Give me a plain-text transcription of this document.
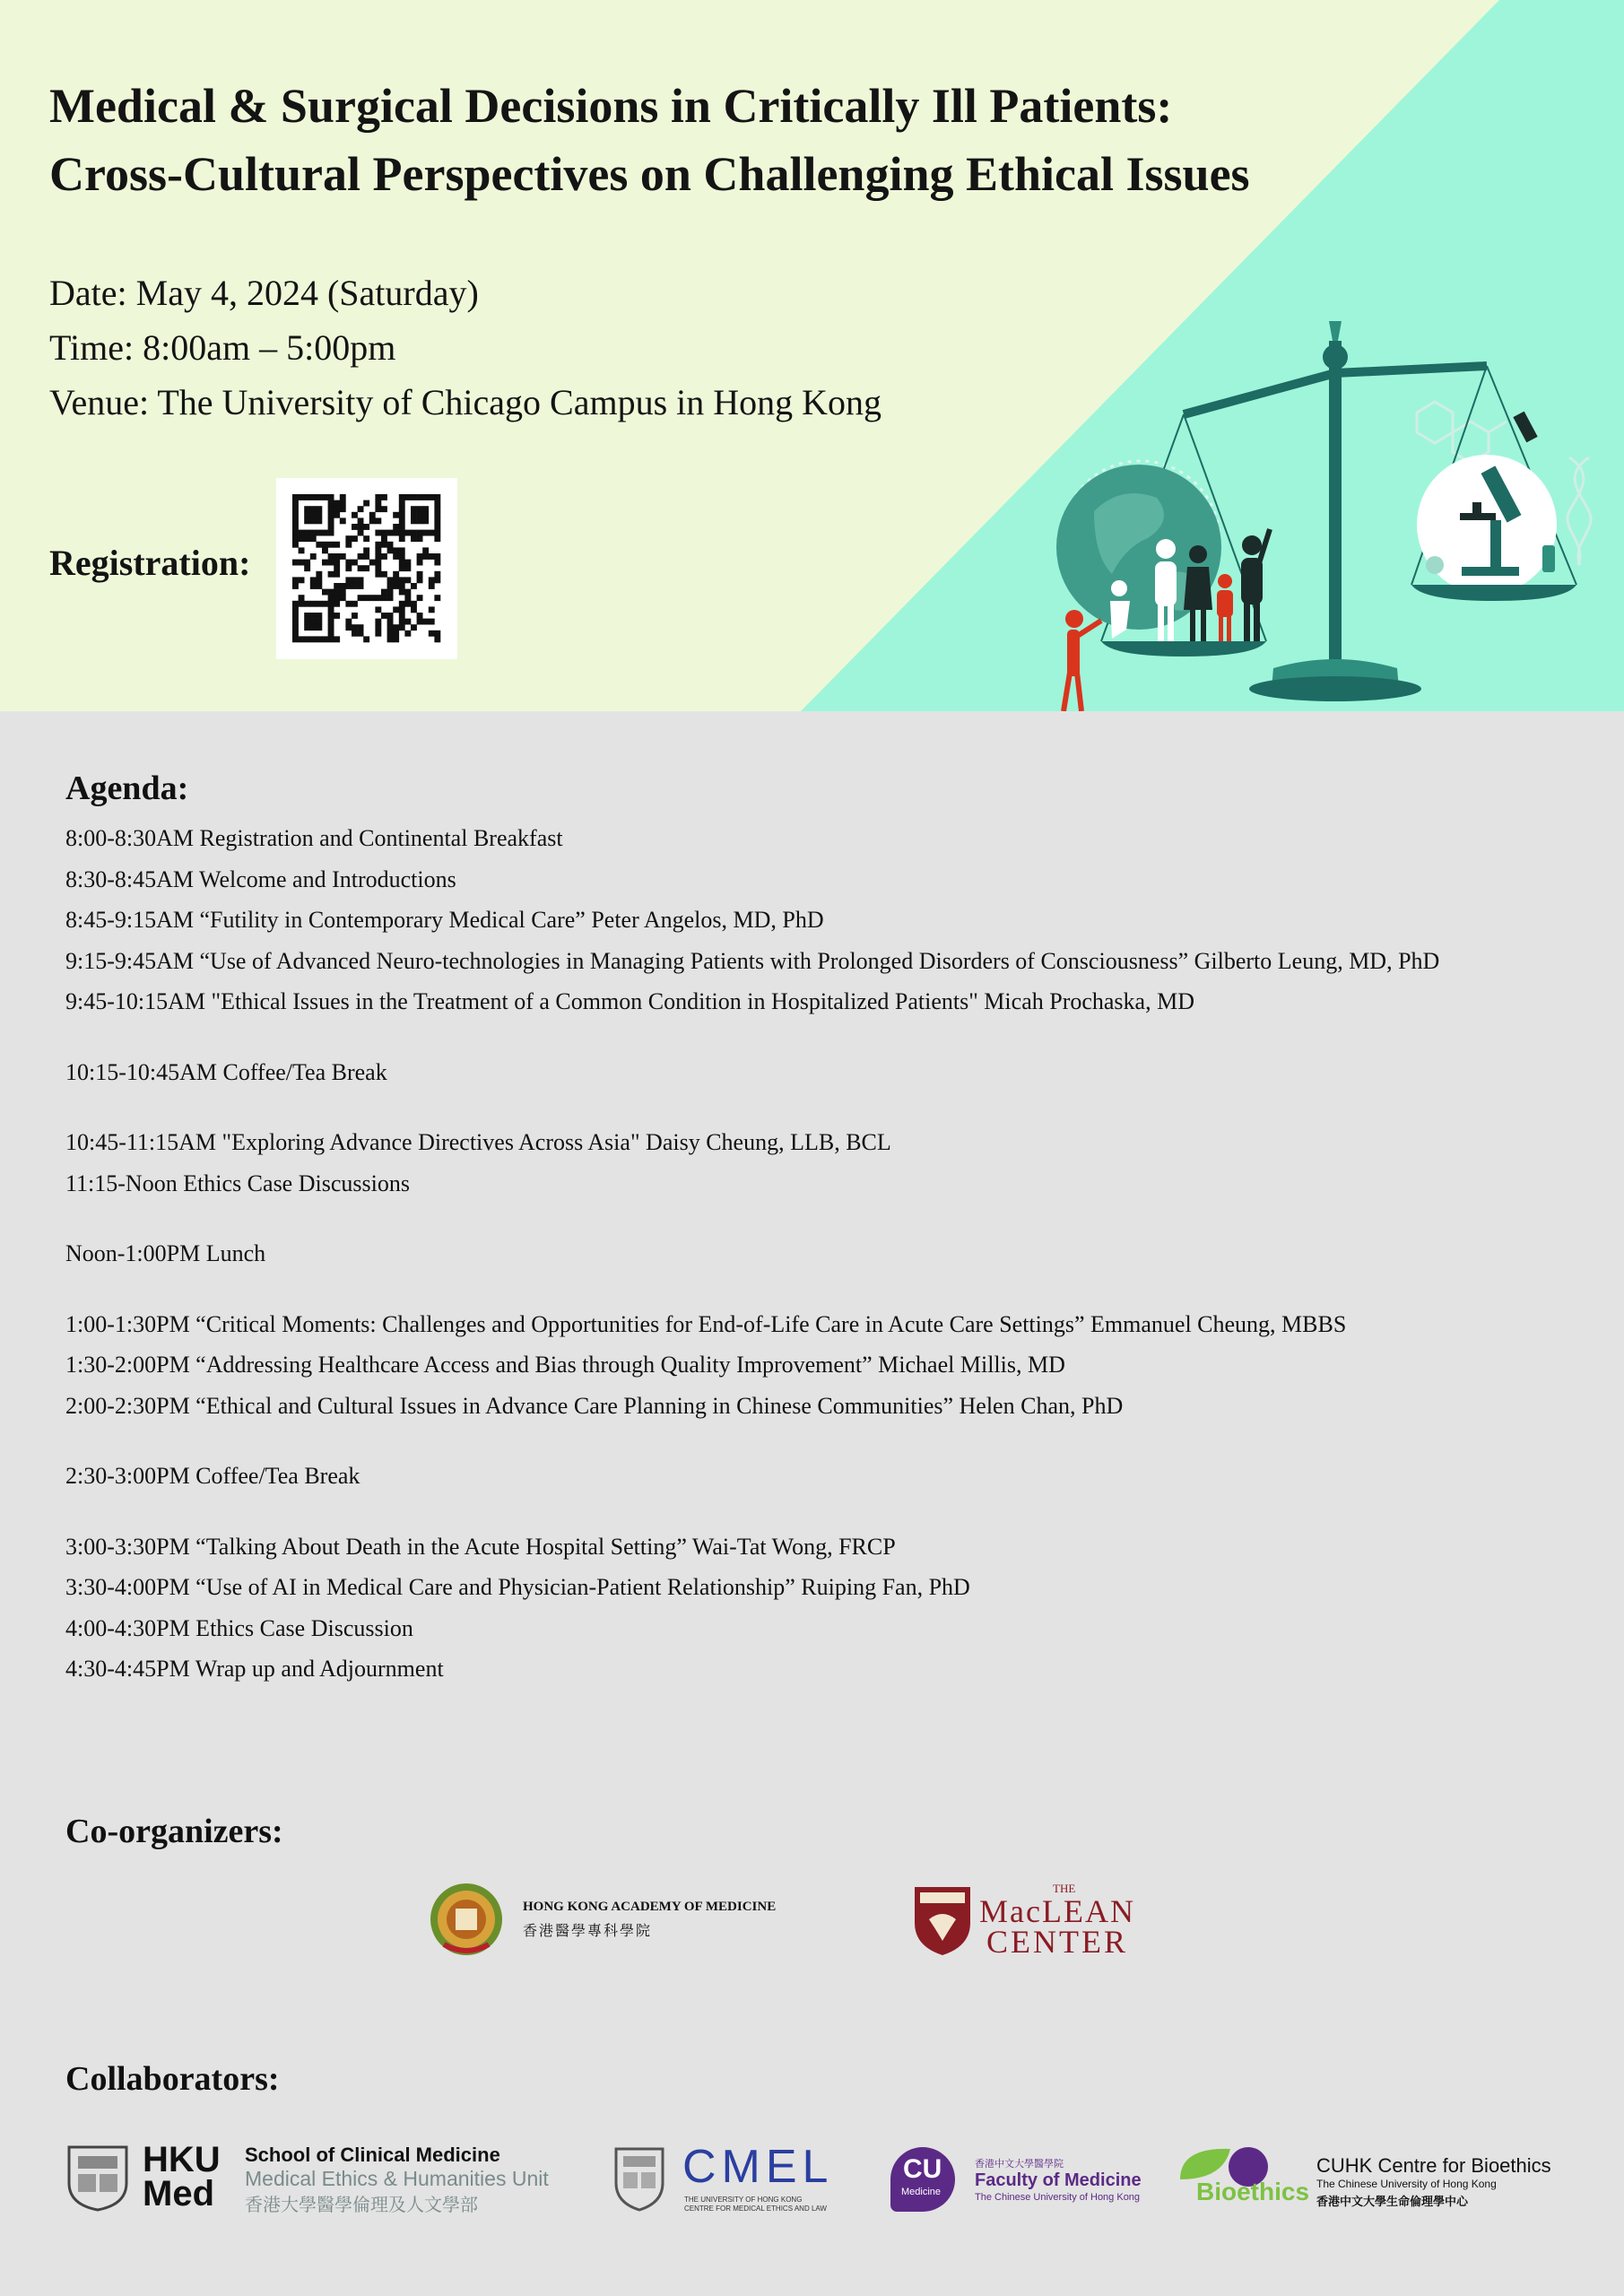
Medical & Surgical Decisions in Critically Ill Patients:
Cross-Cultural Perspectives on Challenging Ethical Issues
Date: May 4, 2024 (Saturday)
Time: 8:00am – 5:00pm
Venue: The University of Chicago Campus in Hong Kong
Registration:
Agenda:
8:00-8:30AM Registration and Continental Breakfast
8:30-8:45AM Welcome and Introductions
8:45-9:15AM “Futility in Contemporary Medical Care” Peter Angelos, MD, PhD
9:15-9:45AM “Use of Advanced Neuro-technologies in Managing Patients with Prolonged Disorders of Consciousness” Gilberto Leung, MD, PhD
9:45-10:15AM "Ethical Issues in the Treatment of a Common Condition in Hospitalized Patients" Micah Prochaska, MD
10:15-10:45AM Coffee/Tea Break
10:45-11:15AM "Exploring Advance Directives Across Asia" Daisy Cheung, LLB, BCL
11:15-Noon Ethics Case Discussions
Noon-1:00PM Lunch
1:00-1:30PM “Critical Moments: Challenges and Opportunities for End-of-Life Care in Acute Care Settings” Emmanuel Cheung, MBBS
1:30-2:00PM “Addressing Healthcare Access and Bias through Quality Improvement” Michael Millis, MD
2:00-2:30PM “Ethical and Cultural Issues in Advance Care Planning in Chinese Communities” Helen Chan, PhD
2:30-3:00PM Coffee/Tea Break
3:00-3:30PM “Talking About Death in the Acute Hospital Setting” Wai-Tat Wong, FRCP
3:30-4:00PM “Use of AI in Medical Care and Physician-Patient Relationship” Ruiping Fan, PhD
4:00-4:30PM Ethics Case Discussion
4:30-4:45PM Wrap up and Adjournment
Co-organizers:
HONG KONG ACADEMY OF MEDICINE
香港醫學專科學院
THE
MacLEAN
CENTER
Collaborators:
HKU
Med
School of Clinical Medicine
Medical Ethics & Humanities Unit
香港大學醫學倫理及人文學部
CMEL
THE UNIVERSITY OF HONG KONG
CENTRE FOR MEDICAL ETHICS AND LAW
CU
Medicine
香港中文大學醫學院
Faculty of Medicine
The Chinese University of Hong Kong Bioethics
CUHK Centre for Bioethics
The Chinese University of Hong Kong
香港中文大學生命倫理學中心
